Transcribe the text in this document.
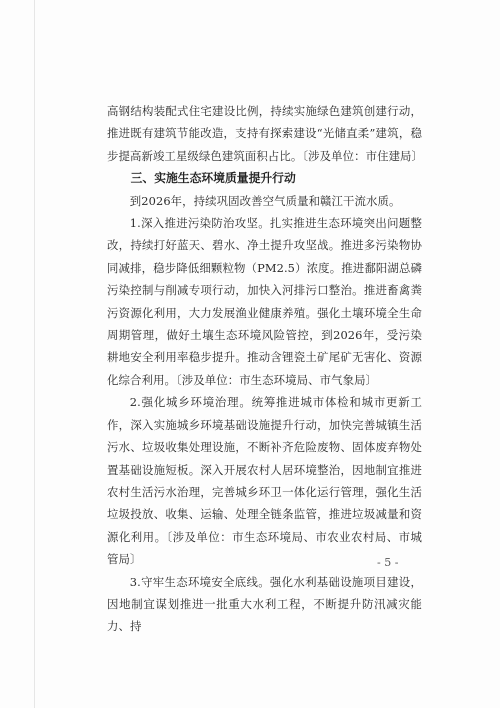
高钢结构装配式住宅建设比例，持续实施绿色建筑创建行动，推进既有建筑节能改造，支持有探索建设“光储直柔”建筑，稳步提高新竣工星级绿色建筑面积占比。〔涉及单位：市住建局〕

三、实施生态环境质量提升行动

到2026年，持续巩固改善空气质量和赣江干流水质。

1.深入推进污染防治攻坚。扎实推进生态环境突出问题整改，持续打好蓝天、碧水、净土提升攻坚战。推进多污染物协同减排，稳步降低细颗粒物（PM2.5）浓度。推进鄱阳湖总磷污染控制与削减专项行动，加快入河排污口整治。推进畜禽粪污资源化利用，大力发展渔业健康养殖。强化土壤环境全生命周期管理，做好土壤生态环境风险管控，到2026年，受污染耕地安全利用率稳步提升。推动含锂瓷土矿尾矿无害化、资源化综合利用。〔涉及单位：市生态环境局、市气象局〕

2.强化城乡环境治理。统筹推进城市体检和城市更新工作，深入实施城乡环境基础设施提升行动，加快完善城镇生活污水、垃圾收集处理设施，不断补齐危险废物、固体废弃物处置基础设施短板。深入开展农村人居环境整治，因地制宜推进农村生活污水治理，完善城乡环卫一体化运行管理，强化生活垃圾投放、收集、运输、处理全链条监管，推进垃圾减量和资源化利用。〔涉及单位：市生态环境局、市农业农村局、市城管局〕

3.守牢生态环境安全底线。强化水利基础设施项目建设，因地制宜谋划推进一批重大水利工程，不断提升防汛减灾能力、持

- 5 -
